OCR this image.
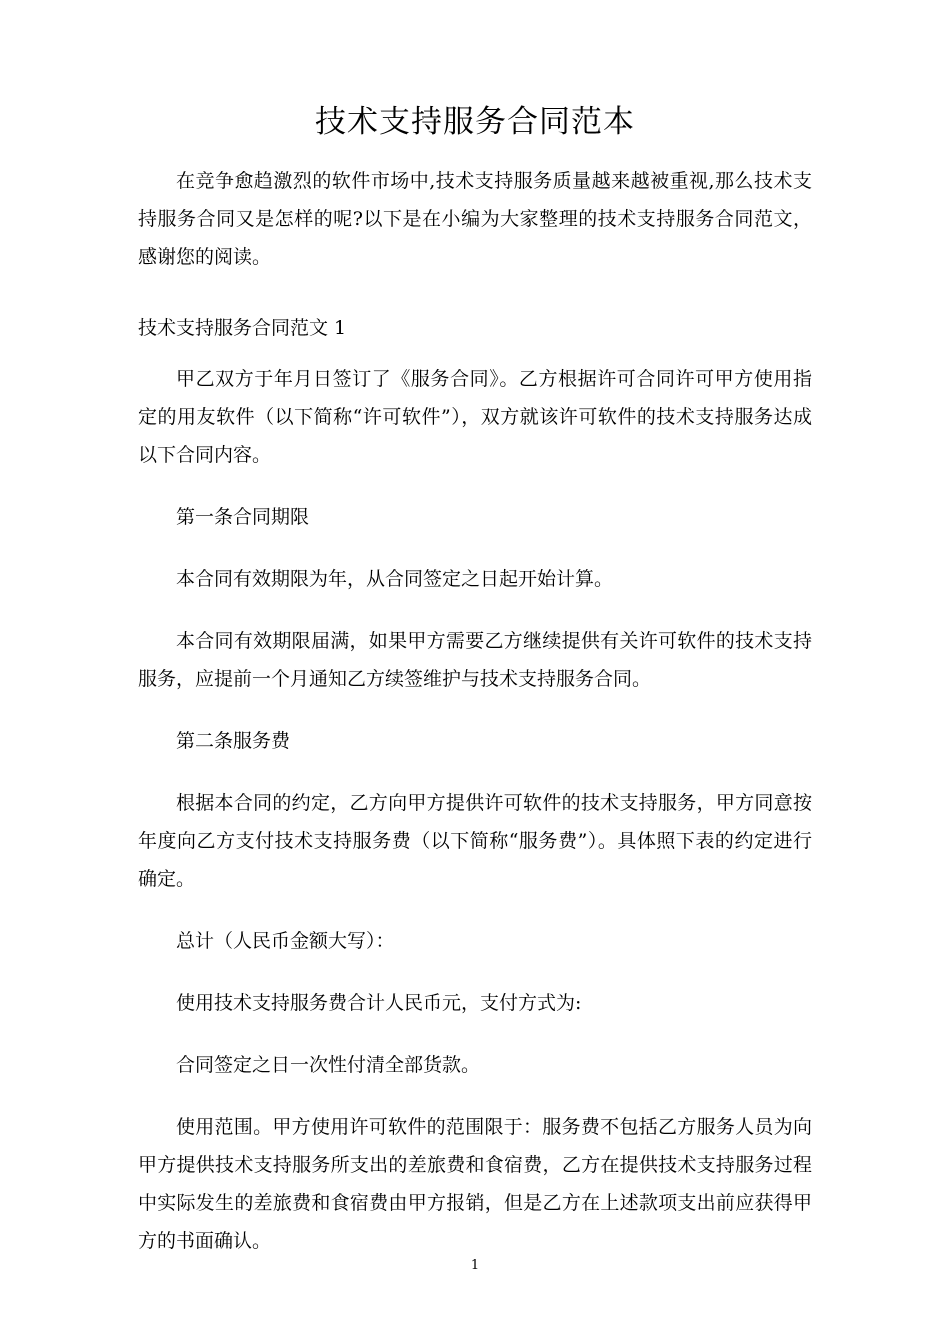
技术支持服务合同范本

在竞争愈趋激烈的软件市场中,技术支持服务质量越来越被重视,那么技术支持服务合同又是怎样的呢?以下是在小编为大家整理的技术支持服务合同范文，感谢您的阅读。

技术支持服务合同范文 1

甲乙双方于年月日签订了《服务合同》。乙方根据许可合同许可甲方使用指定的用友软件（以下简称“许可软件”），双方就该许可软件的技术支持服务达成以下合同内容。

第一条合同期限

本合同有效期限为年，从合同签定之日起开始计算。

本合同有效期限届满，如果甲方需要乙方继续提供有关许可软件的技术支持服务，应提前一个月通知乙方续签维护与技术支持服务合同。

第二条服务费

根据本合同的约定，乙方向甲方提供许可软件的技术支持服务，甲方同意按年度向乙方支付技术支持服务费（以下简称“服务费”）。具体照下表的约定进行确定。

总计（人民币金额大写）：

使用技术支持服务费合计人民币元，支付方式为:

合同签定之日一次性付清全部货款。

使用范围。甲方使用许可软件的范围限于：服务费不包括乙方服务人员为向甲方提供技术支持服务所支出的差旅费和食宿费，乙方在提供技术支持服务过程中实际发生的差旅费和食宿费由甲方报销，但是乙方在上述款项支出前应获得甲方的书面确认。

1
